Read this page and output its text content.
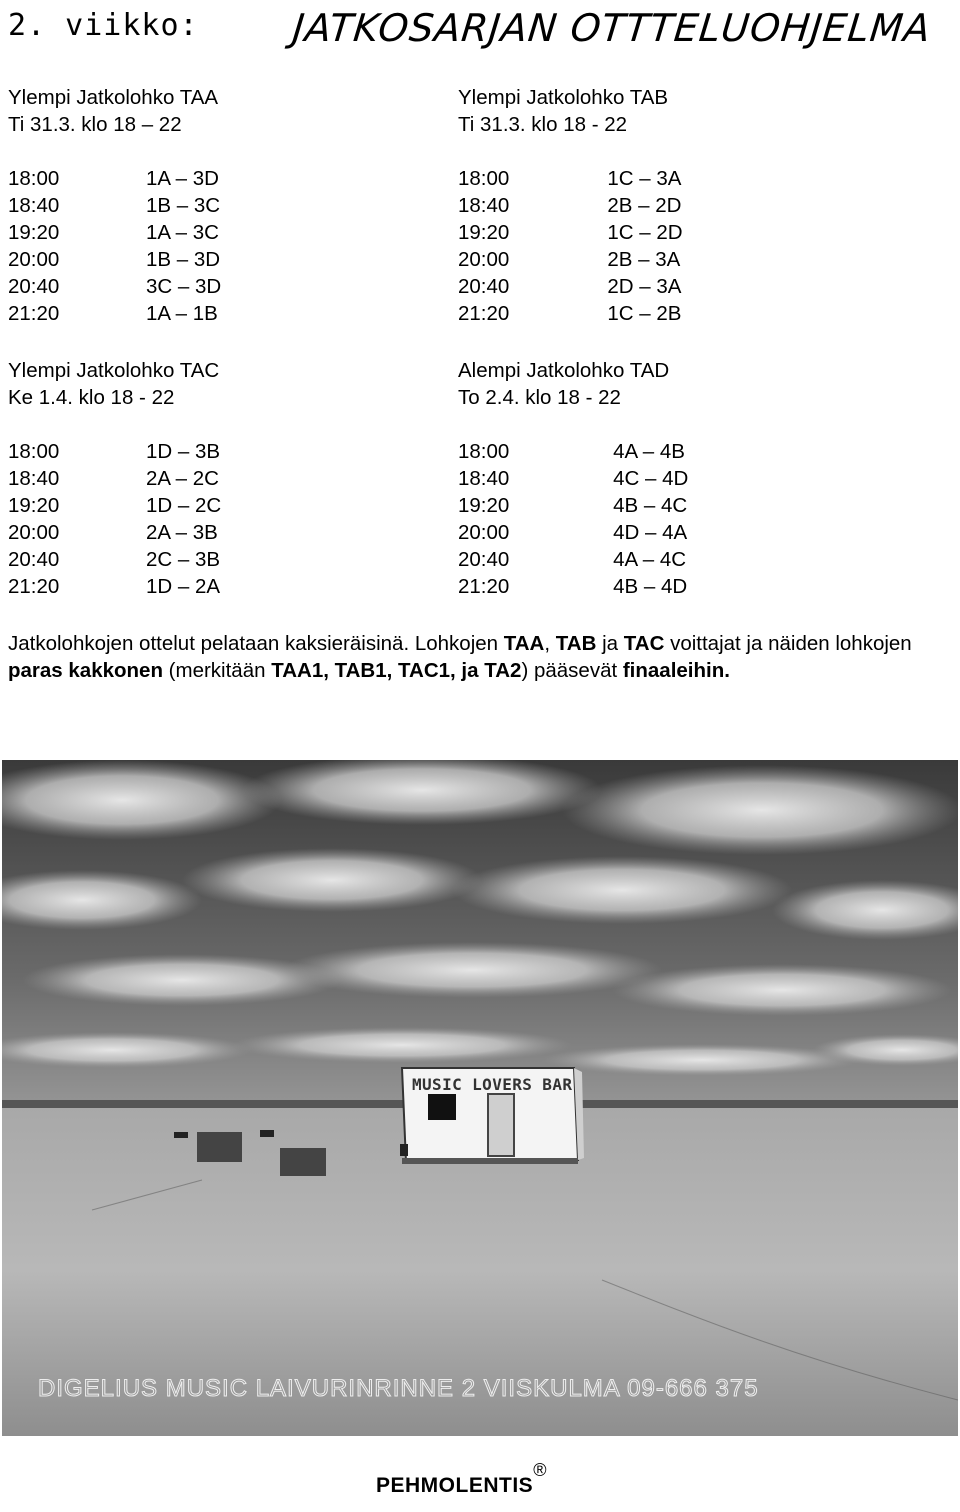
2. viikko: JATKOSARJAN OTTTELUOHJELMA
Ylempi Jatkolohko TAA
Ti 31.3. klo 18 – 22
18:00	1A – 3D
18:40	1B – 3C
19:20	1A – 3C
20:00	1B – 3D
20:40	3C – 3D
21:20	1A – 1B
Ylempi Jatkolohko TAB
Ti 31.3. klo 18 - 22
18:00	1C – 3A
18:40	2B – 2D
19:20	1C – 2D
20:00	2B – 3A
20:40	2D – 3A
21:20	1C – 2B
Ylempi Jatkolohko TAC
Ke 1.4. klo 18 - 22
18:00	1D – 3B
18:40	2A – 2C
19:20	1D – 2C
20:00	2A – 3B
20:40	2C – 3B
21:20	1D – 2A
Alempi Jatkolohko TAD
To 2.4. klo 18 - 22
18:00	4A – 4B
18:40	4C – 4D
19:20	4B – 4C
20:00	4D – 4A
20:40	4A – 4C
21:20	4B – 4D
Jatkolohkojen ottelut pelataan kaksieräisinä. Lohkojen TAA, TAB ja TAC voittajat ja näiden lohkojen paras kakkonen (merkitään TAA1, TAB1, TAC1, ja TA2) pääsevät finaaleihin.
MUSIC LOVERS BAR
DIGELIUS MUSIC LAIVURINRINNE 2 VIISKULMA 09-666 375
PEHMOLENTIS®
